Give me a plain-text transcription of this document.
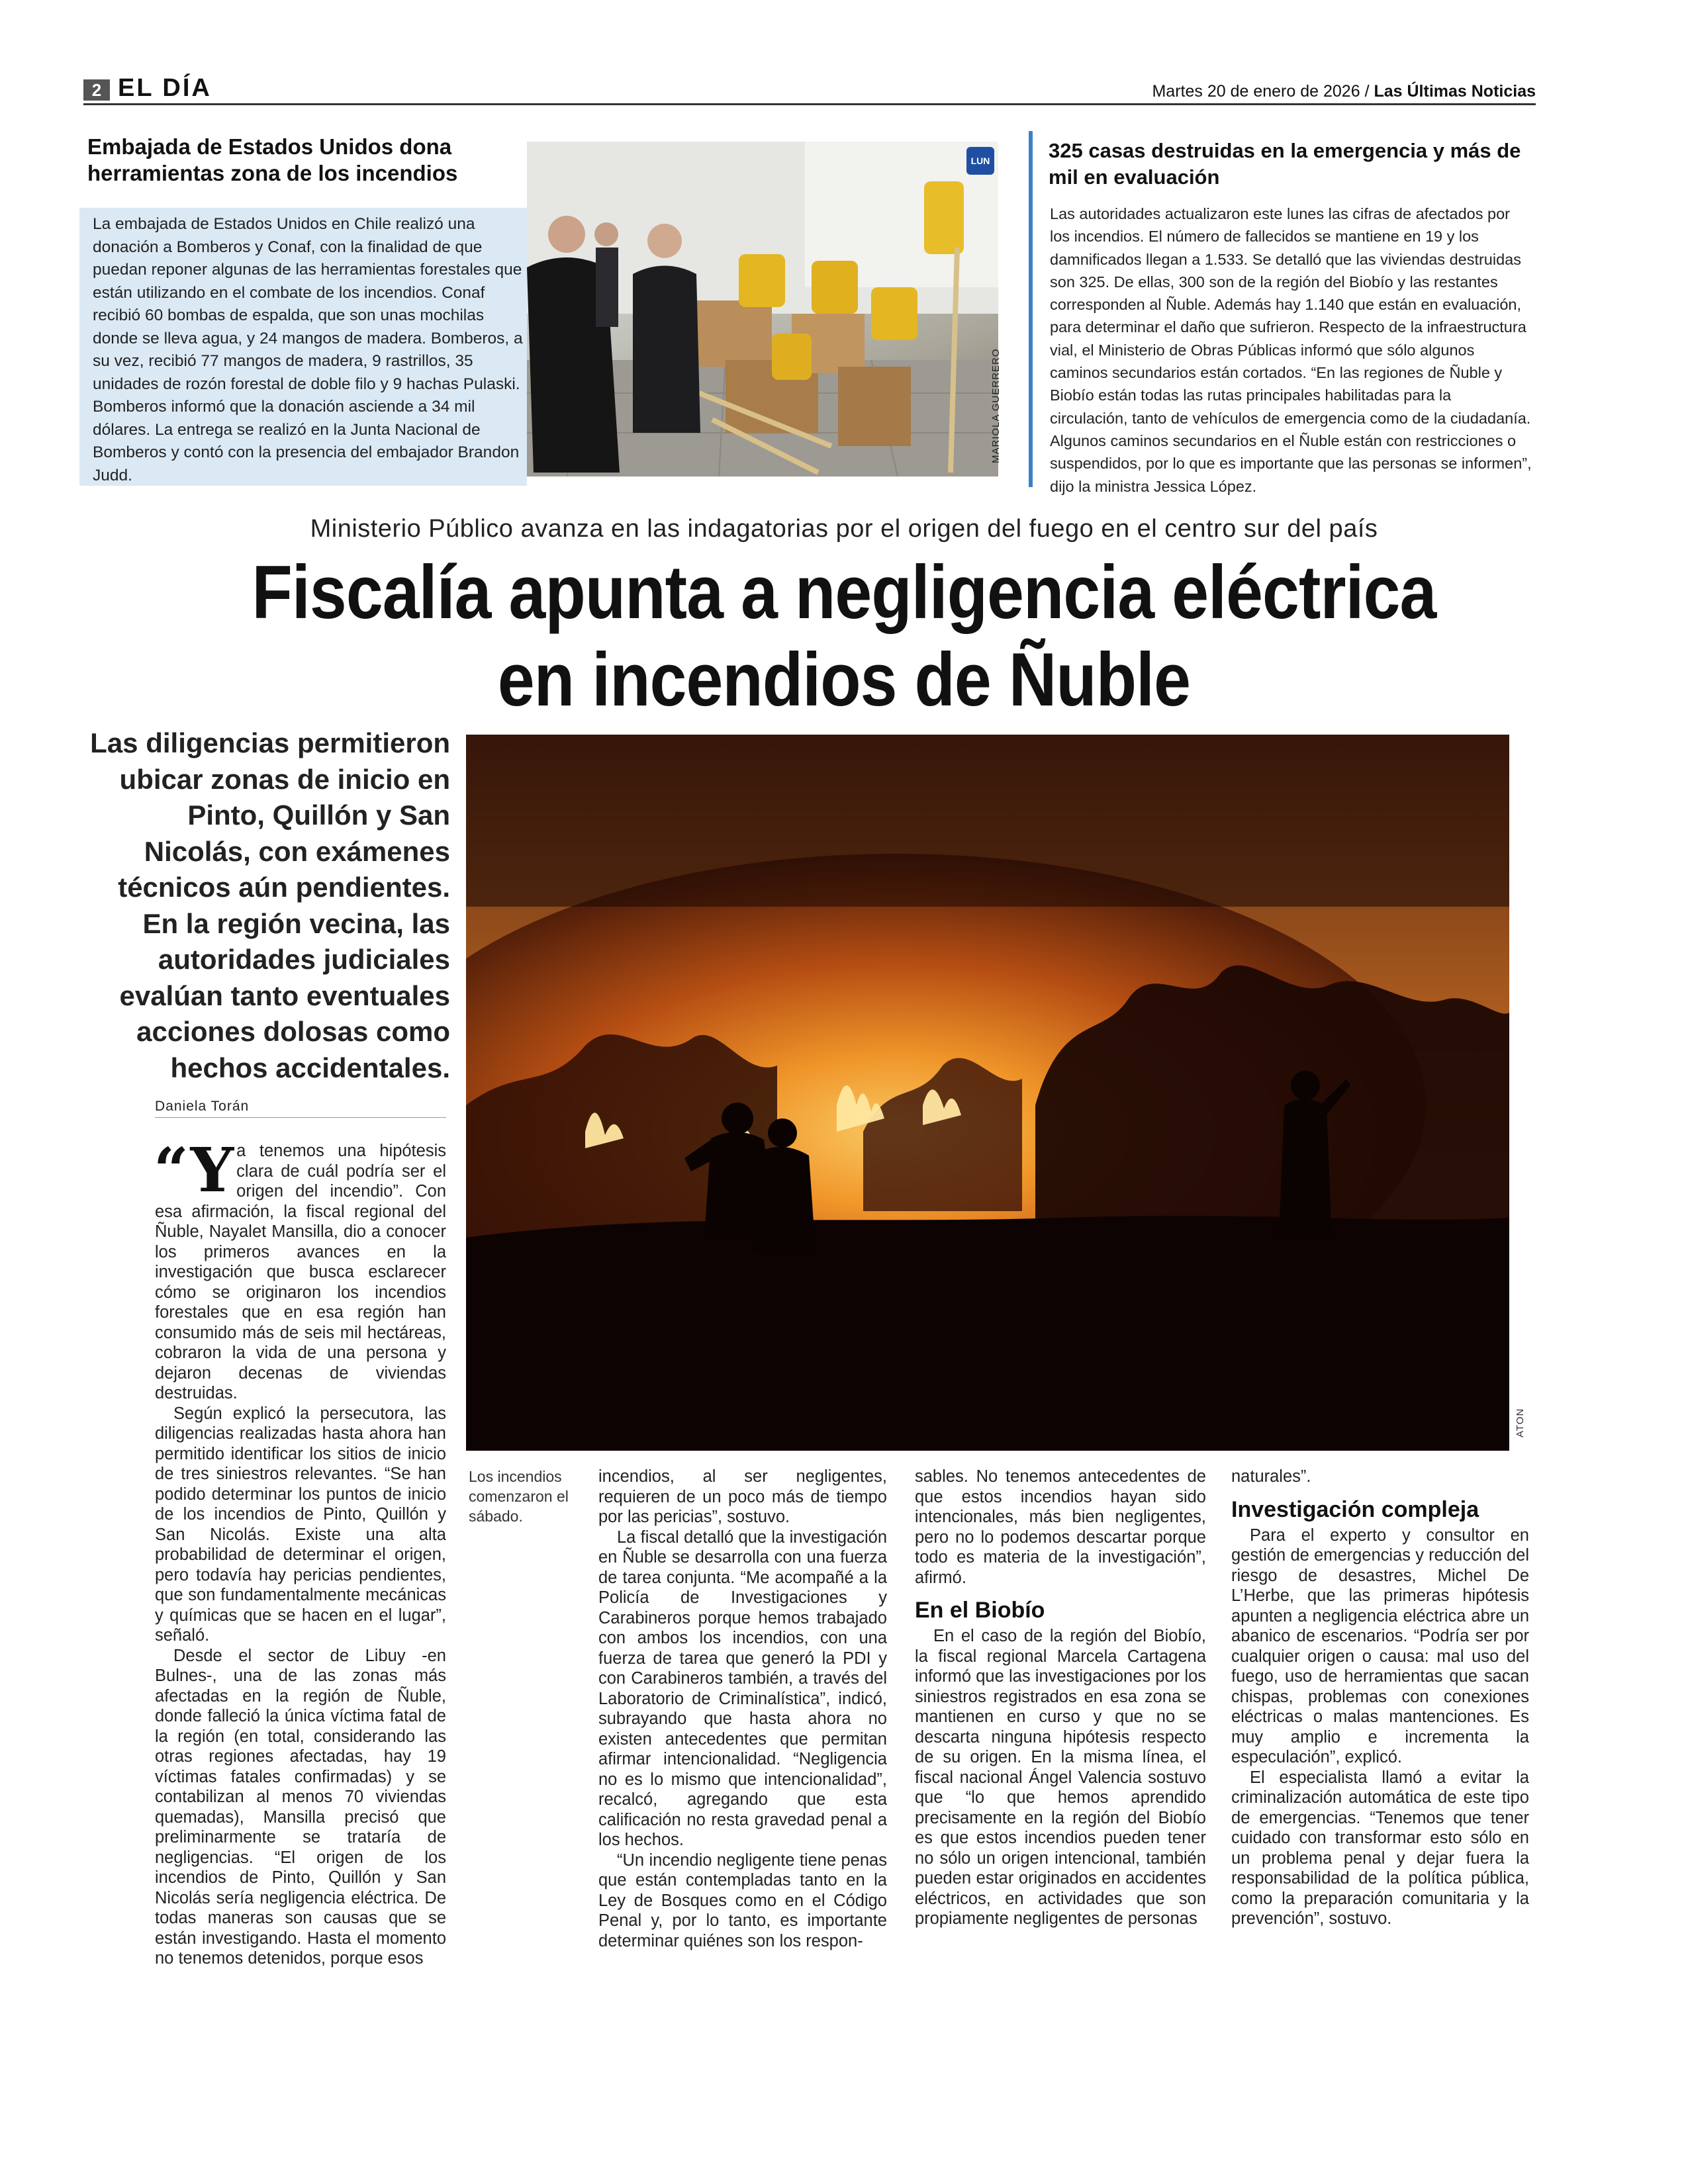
2 EL DÍA	Martes 20 de enero de 2026 / Las Últimas Noticias
Embajada de Estados Unidos dona herramientas zona de los incendios
La embajada de Estados Unidos en Chile realizó una donación a Bomberos y Conaf, con la finalidad de que puedan reponer algunas de las herramientas forestales que están utilizando en el combate de los incendios. Conaf recibió 60 bombas de espalda, que son unas mochilas donde se lleva agua, y 24 mangos de madera. Bomberos, a su vez, recibió 77 mangos de madera, 9 rastrillos, 35 unidades de rozón forestal de doble filo y 9 hachas Pulaski. Bomberos informó que la donación asciende a 34 mil dólares. La entrega se realizó en la Junta Nacional de Bomberos y contó con la presencia del embajador Brandon Judd.
LUN
MARIOLA GUERRERO
325 casas destruidas en la emergencia y más de mil en evaluación
Las autoridades actualizaron este lunes las cifras de afectados por los incendios. El número de fallecidos se mantiene en 19 y los damnificados llegan a 1.533. Se detalló que las viviendas destruidas son 325. De ellas, 300 son de la región del Biobío y las restantes corresponden al Ñuble. Además hay 1.140 que están en evaluación, para determinar el daño que sufrieron. Respecto de la infraestructura vial, el Ministerio de Obras Públicas informó que sólo algunos caminos secundarios están cortados. “En las regiones de Ñuble y Biobío están todas las rutas principales habilitadas para la circulación, tanto de vehículos de emergencia como de la ciudadanía. Algunos caminos secundarios en el Ñuble están con restricciones o suspendidos, por lo que es importante que las personas se informen”, dijo la ministra Jessica López.
Ministerio Público avanza en las indagatorias por el origen del fuego en el centro sur del país
Fiscalía apunta a negligencia eléctrica
en incendios de Ñuble
Las diligencias permitieron ubicar zonas de inicio en Pinto, Quillón y San Nicolás, con exámenes técnicos aún pendientes. En la región vecina, las autoridades judiciales evalúan tanto eventuales acciones dolosas como hechos accidentales.
ATON
Los incendios comenzaron el sábado.
Daniela Torán

“Ya tenemos una hipótesis clara de cuál podría ser el origen del incendio”. Con esa afirmación, la fiscal regional del Ñuble, Nayalet Mansilla, dio a conocer los primeros avances en la investigación que busca esclarecer cómo se originaron los incendios forestales que en esa región han consumido más de seis mil hectáreas, cobraron la vida de una persona y dejaron decenas de viviendas destruidas.

Según explicó la persecutora, las diligencias realizadas hasta ahora han permitido identificar los sitios de inicio de tres siniestros relevantes. “Se han podido determinar los puntos de inicio de los incendios de Pinto, Quillón y San Nicolás. Existe una alta probabilidad de determinar el origen, pero todavía hay pericias pendientes, que son fundamentalmente mecánicas y químicas que se hacen en el lugar”, señaló.

Desde el sector de Libuy -en Bulnes-, una de las zonas más afectadas en la región de Ñuble, donde falleció la única víctima fatal de la región (en total, considerando las otras regiones afectadas, hay 19 víctimas fatales confirmadas) y se contabilizan al menos 70 viviendas quemadas), Mansilla precisó que preliminarmente se trataría de negligencias. “El origen de los incendios de Pinto, Quillón y San Nicolás sería negligencia eléctrica. De todas maneras son causas que se están investigando. Hasta el momento no tenemos detenidos, porque esos

incendios, al ser negligentes, requieren de un poco más de tiempo por las pericias”, sostuvo.

La fiscal detalló que la investigación en Ñuble se desarrolla con una fuerza de tarea conjunta. “Me acompañé a la Policía de Investigaciones y Carabineros porque hemos trabajado con ambos los incendios, con una fuerza de tarea que generó la PDI y con Carabineros también, a través del Laboratorio de Criminalística”, indicó, subrayando que hasta ahora no existen antecedentes que permitan afirmar intencionalidad. “Negligencia no es lo mismo que intencionalidad”, recalcó, agregando que esta calificación no resta gravedad penal a los hechos.

“Un incendio negligente tiene penas que están contempladas tanto en la Ley de Bosques como en el Código Penal y, por lo tanto, es importante determinar quiénes son los respon-

sables. No tenemos antecedentes de que estos incendios hayan sido intencionales, más bien negligentes, pero no lo podemos descartar porque todo es materia de la investigación”, afirmó.

En el Biobío

En el caso de la región del Biobío, la fiscal regional Marcela Cartagena informó que las investigaciones por los siniestros registrados en esa zona se mantienen en curso y que no se descarta ninguna hipótesis respecto de su origen. En la misma línea, el fiscal nacional Ángel Valencia sostuvo que “lo que hemos aprendido precisamente en la región del Biobío es que estos incendios pueden tener no sólo un origen intencional, también pueden estar originados en accidentes eléctricos, en actividades que son propiamente negligentes de personas

naturales”.

Investigación compleja

Para el experto y consultor en gestión de emergencias y reducción del riesgo de desastres, Michel De L’Herbe, que las primeras hipótesis apunten a negligencia eléctrica abre un abanico de escenarios. “Podría ser por cualquier origen o causa: mal uso del fuego, uso de herramientas que sacan chispas, problemas con conexiones eléctricas o malas mantenciones. Es muy amplio e incrementa la especulación”, explicó.

El especialista llamó a evitar la criminalización automática de este tipo de emergencias. “Tenemos que tener cuidado con transformar esto sólo en un problema penal y dejar fuera la responsabilidad de la política pública, como la preparación comunitaria y la prevención”, sostuvo.
